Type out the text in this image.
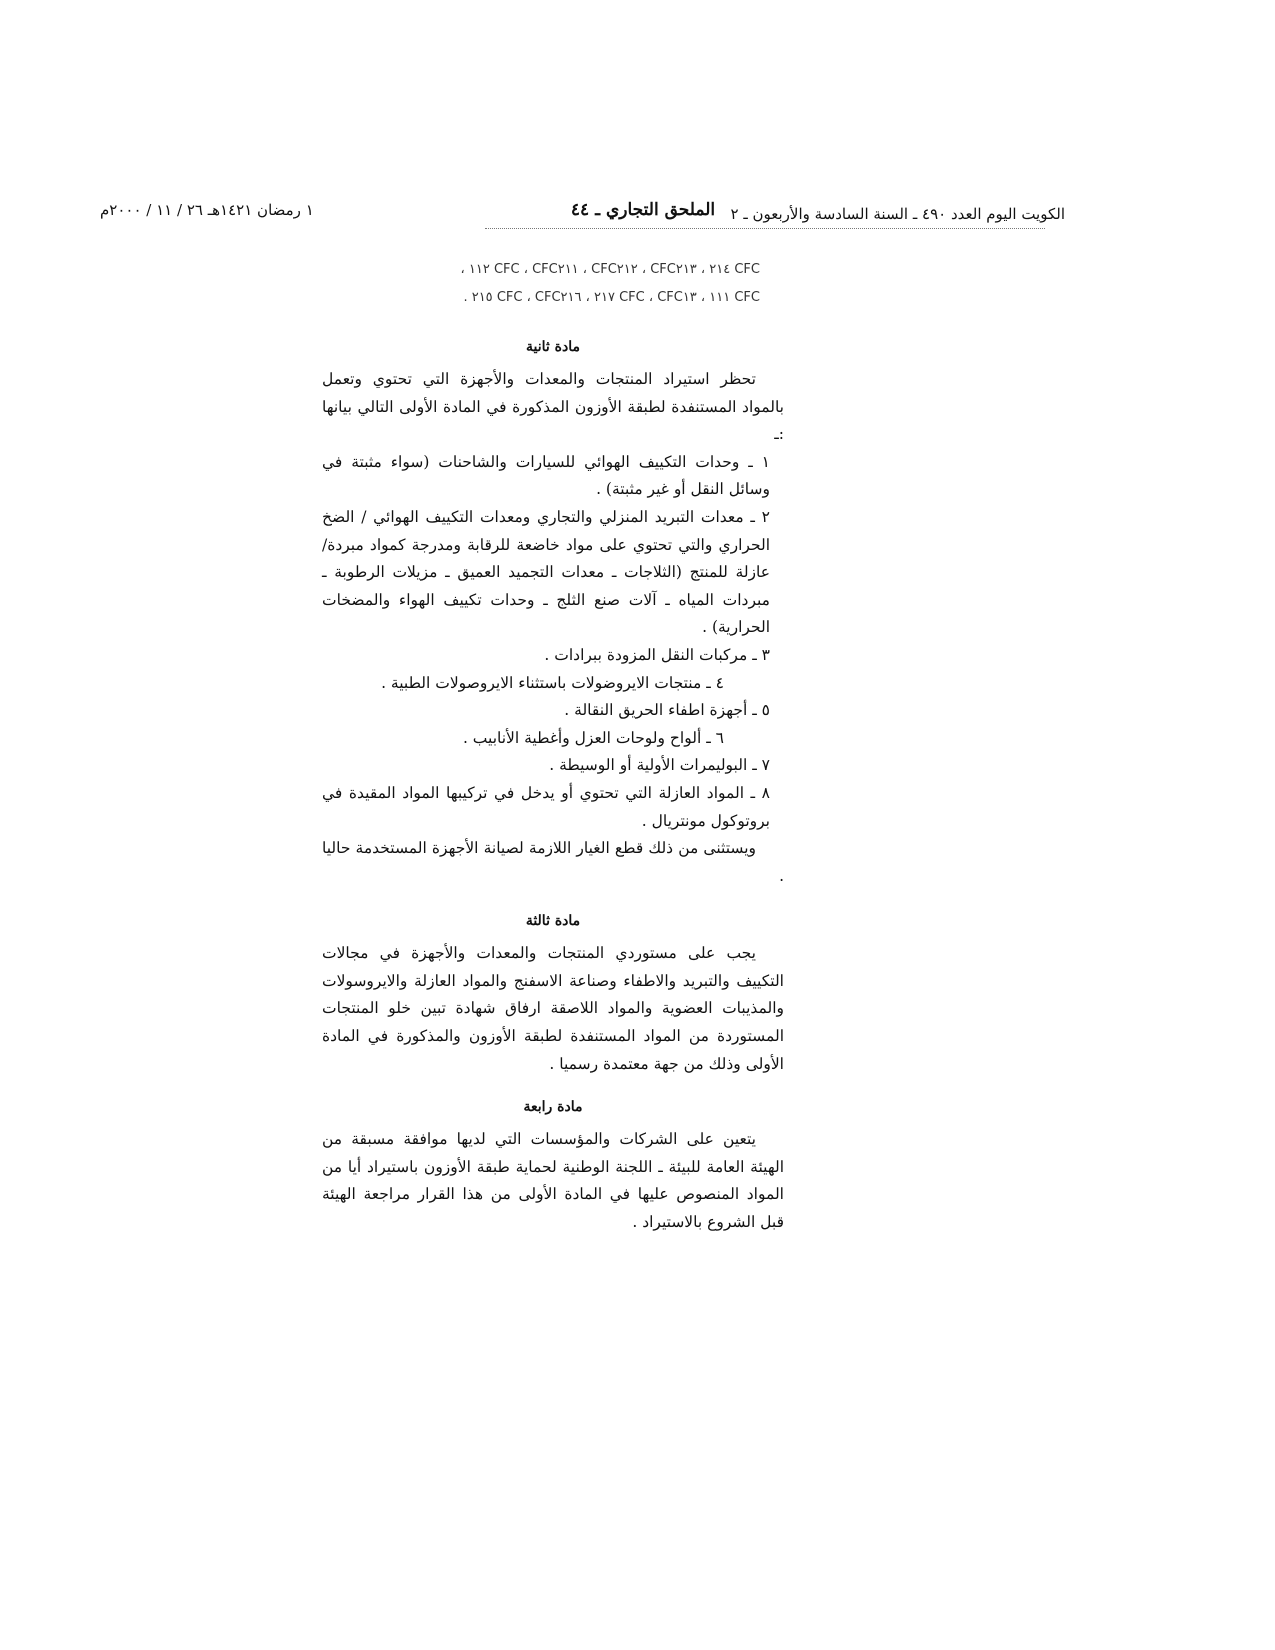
الكويت اليوم العدد ٤٩٠ ـ السنة السادسة والأربعون ـ ٢
الملحق التجاري ـ ٤٤
١ رمضان ١٤٢١هـ ٢٦ / ١١ / ٢٠٠٠م
CFC ٢١٤ ، CFC٢١٣ ، CFC٢١٢ ، CFC٢١١ ، CFC ١١٢ ،
CFC ١١١ ، CFC١٣ ، CFC ٢١٧ ، CFC٢١٦ ، CFC ٢١٥ .
مادة ثانية

تحظر استيراد المنتجات والمعدات والأجهزة التي تحتوي وتعمل بالمواد المستنفدة لطبقة الأوزون المذكورة في المادة الأولى التالي بيانها :ـ

١ ـ وحدات التكييف الهوائي للسيارات والشاحنات (سواء مثبتة في وسائل النقل أو غير مثبتة) .

٢ ـ معدات التبريد المنزلي والتجاري ومعدات التكييف الهوائي / الضخ الحراري والتي تحتوي على مواد خاضعة للرقابة ومدرجة كمواد مبردة/ عازلة للمنتج (الثلاجات ـ معدات التجميد العميق ـ مزيلات الرطوبة ـ مبردات المياه ـ آلات صنع الثلج ـ وحدات تكييف الهواء والمضخات الحرارية) .

٣ ـ مركبات النقل المزودة ببرادات .

٤ ـ منتجات الايروضولات باستثناء الايروصولات الطبية .

٥ ـ أجهزة اطفاء الحريق النقالة .

٦ ـ ألواح ولوحات العزل وأغطية الأنابيب .

٧ ـ البوليمرات الأولية أو الوسيطة .

٨ ـ المواد العازلة التي تحتوي أو يدخل في تركيبها المواد المقيدة في بروتوكول مونتريال .

ويستثنى من ذلك قطع الغيار اللازمة لصيانة الأجهزة المستخدمة حاليا .

مادة ثالثة

يجب على مستوردي المنتجات والمعدات والأجهزة في مجالات التكييف والتبريد والاطفاء وصناعة الاسفنج والمواد العازلة والايروسولات والمذيبات العضوية والمواد اللاصقة ارفاق شهادة تبين خلو المنتجات المستوردة من المواد المستنفدة لطبقة الأوزون والمذكورة في المادة الأولى وذلك من جهة معتمدة رسميا .

مادة رابعة

يتعين على الشركات والمؤسسات التي لديها موافقة مسبقة من الهيئة العامة للبيئة ـ اللجنة الوطنية لحماية طبقة الأوزون باستيراد أيا من المواد المنصوص عليها في المادة الأولى من هذا القرار مراجعة الهيئة قبل الشروع بالاستيراد .
